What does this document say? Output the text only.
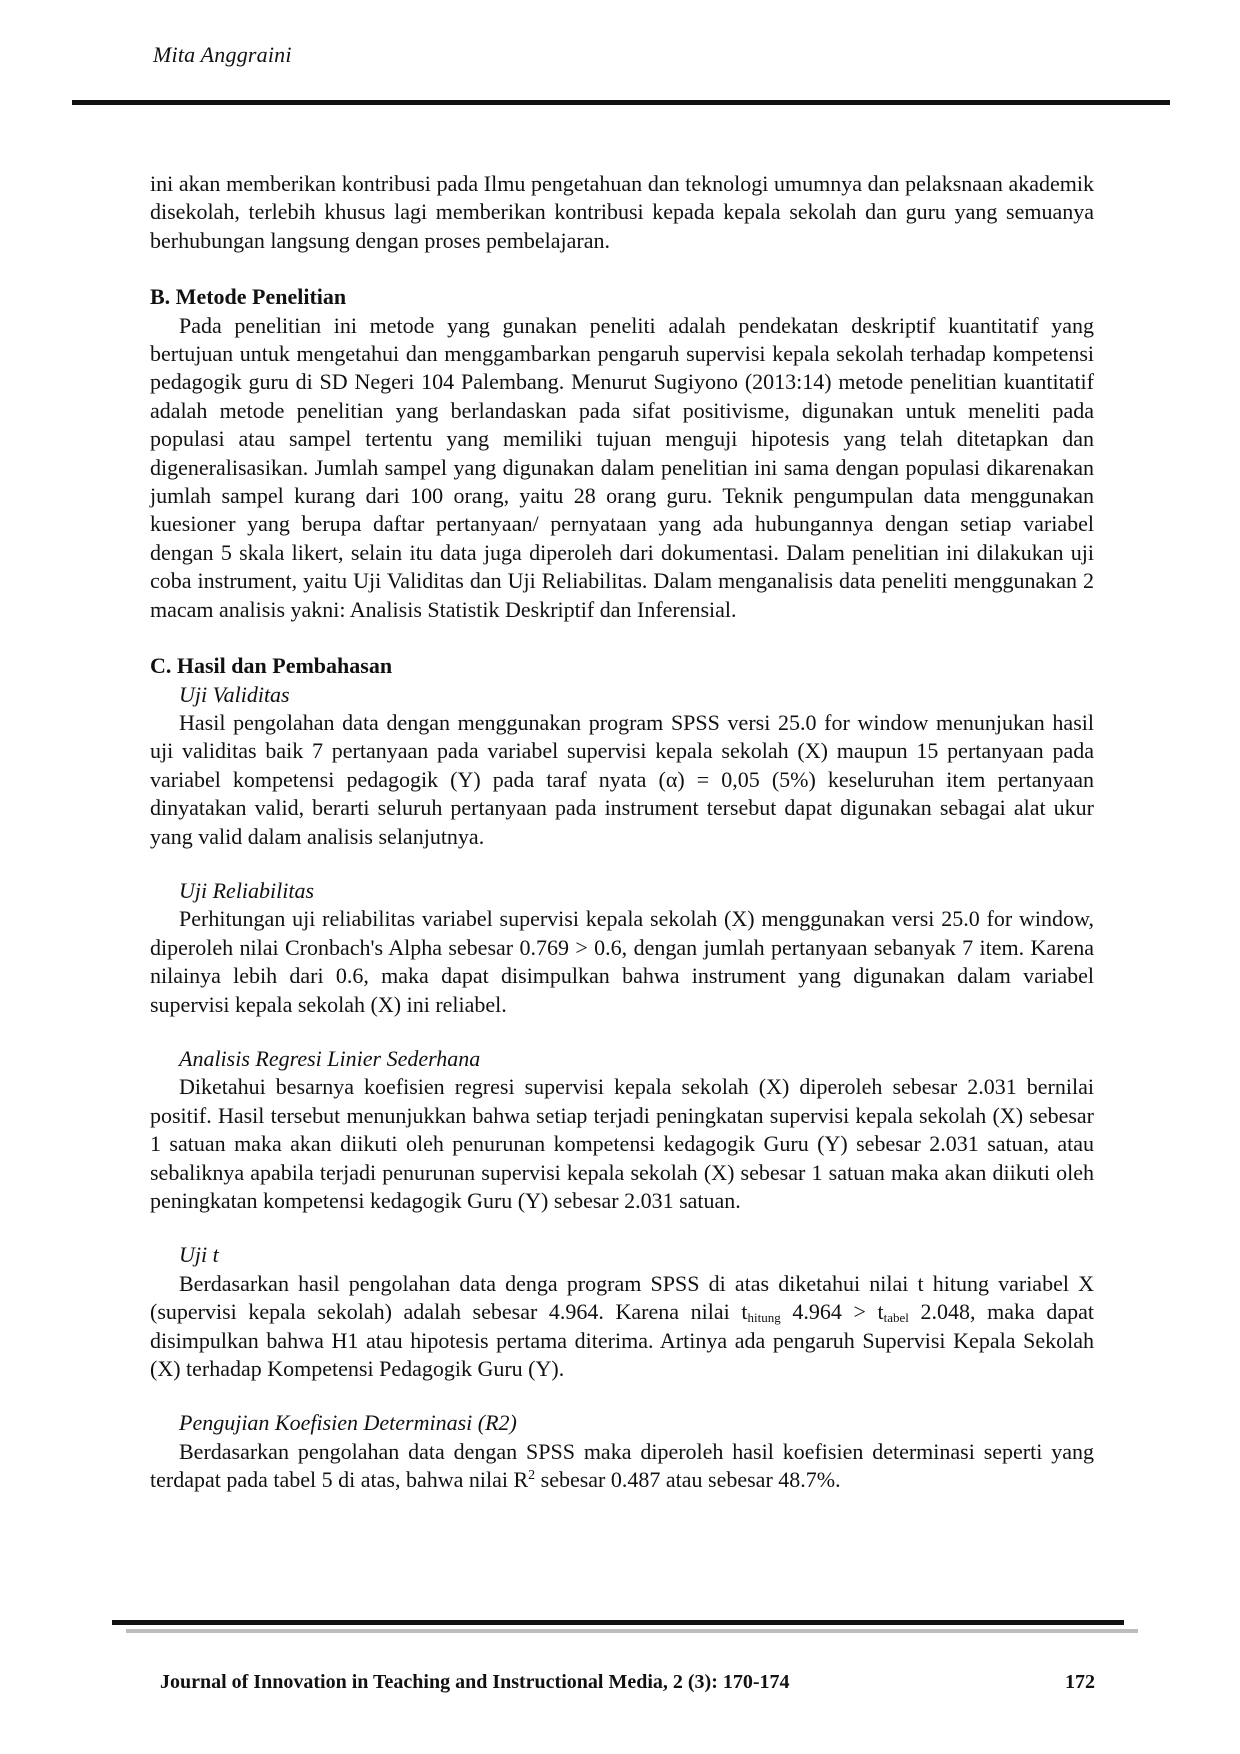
Mita Anggraini

ini akan memberikan kontribusi pada Ilmu pengetahuan dan teknologi umumnya dan pelaksnaan akademik disekolah, terlebih khusus lagi memberikan kontribusi kepada kepala sekolah dan guru yang semuanya berhubungan langsung dengan proses pembelajaran.

B. Metode Penelitian

Pada penelitian ini metode yang gunakan peneliti adalah pendekatan deskriptif kuantitatif yang bertujuan untuk mengetahui dan menggambarkan pengaruh supervisi kepala sekolah terhadap kompetensi pedagogik guru di SD Negeri 104 Palembang. Menurut Sugiyono (2013:14) metode penelitian kuantitatif adalah metode penelitian yang berlandaskan pada sifat positivisme, digunakan untuk meneliti pada populasi atau sampel tertentu yang memiliki tujuan menguji hipotesis yang telah ditetapkan dan digeneralisasikan. Jumlah sampel yang digunakan dalam penelitian ini sama dengan populasi dikarenakan jumlah sampel kurang dari 100 orang, yaitu 28 orang guru. Teknik pengumpulan data menggunakan kuesioner yang berupa daftar pertanyaan/ pernyataan yang ada hubungannya dengan setiap variabel dengan 5 skala likert, selain itu data juga diperoleh dari dokumentasi. Dalam penelitian ini dilakukan uji coba instrument, yaitu Uji Validitas dan Uji Reliabilitas. Dalam menganalisis data peneliti menggunakan 2 macam analisis yakni: Analisis Statistik Deskriptif dan Inferensial.

C. Hasil dan Pembahasan

Uji Validitas

Hasil pengolahan data dengan menggunakan program SPSS versi 25.0 for window menunjukan hasil uji validitas baik 7 pertanyaan pada variabel supervisi kepala sekolah (X) maupun 15 pertanyaan pada variabel kompetensi pedagogik (Y) pada taraf nyata (α) = 0,05 (5%) keseluruhan item pertanyaan dinyatakan valid, berarti seluruh pertanyaan pada instrument tersebut dapat digunakan sebagai alat ukur yang valid dalam analisis selanjutnya.

Uji Reliabilitas

Perhitungan uji reliabilitas variabel supervisi kepala sekolah (X) menggunakan versi 25.0 for window, diperoleh nilai Cronbach's Alpha sebesar 0.769 > 0.6, dengan jumlah pertanyaan sebanyak 7 item. Karena nilainya lebih dari 0.6, maka dapat disimpulkan bahwa instrument yang digunakan dalam variabel supervisi kepala sekolah (X) ini reliabel.

Analisis Regresi Linier Sederhana

Diketahui besarnya koefisien regresi supervisi kepala sekolah (X) diperoleh sebesar 2.031 bernilai positif. Hasil tersebut menunjukkan bahwa setiap terjadi peningkatan supervisi kepala sekolah (X) sebesar 1 satuan maka akan diikuti oleh penurunan kompetensi kedagogik Guru (Y) sebesar 2.031 satuan, atau sebaliknya apabila terjadi penurunan supervisi kepala sekolah (X) sebesar 1 satuan maka akan diikuti oleh peningkatan kompetensi kedagogik Guru (Y) sebesar 2.031 satuan.

Uji t

Berdasarkan hasil pengolahan data denga program SPSS di atas diketahui nilai t hitung variabel X (supervisi kepala sekolah) adalah sebesar 4.964. Karena nilai $t_{hitung}$ $4.964 > t_{tabel}$ 2.048, maka dapat disimpulkan bahwa H1 atau hipotesis pertama diterima. Artinya ada pengaruh Supervisi Kepala Sekolah (X) terhadap Kompetensi Pedagogik Guru (Y).

Pengujian Koefisien Determinasi (R2)

Berdasarkan pengolahan data dengan SPSS maka diperoleh hasil koefisien determinasi seperti yang terdapat pada tabel 5 di atas, bahwa nilai $R^2$ sebesar 0.487 atau sebesar 48.7%.

Journal of Innovation in Teaching and Instructional Media, 2 (3): 170-174	172
